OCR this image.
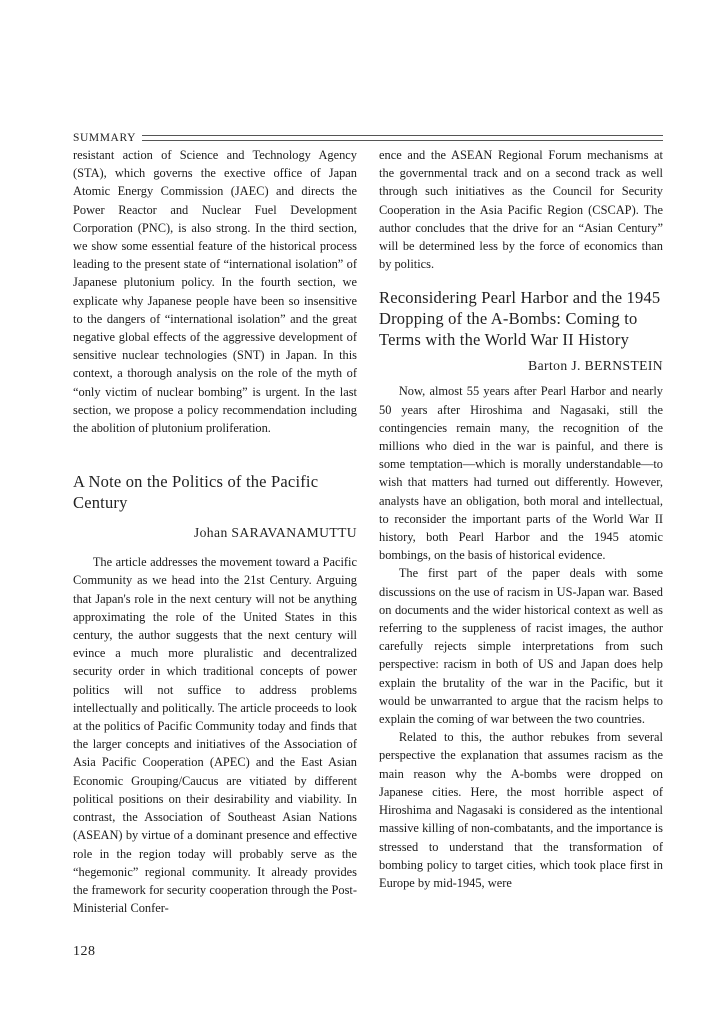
SUMMARY

resistant action of Science and Technology Agency (STA), which governs the exective office of Japan Atomic Energy Commission (JAEC) and directs the Power Reactor and Nuclear Fuel Development Corporation (PNC), is also strong. In the third section, we show some essential feature of the historical process leading to the present state of “international isolation” of Japanese plutonium policy. In the fourth section, we explicate why Japanese people have been so insensitive to the dangers of “international isolation” and the great negative global effects of the aggressive development of sensitive nuclear technologies (SNT) in Japan. In this context, a thorough analysis on the role of the myth of “only victim of nuclear bombing” is urgent. In the last section, we propose a policy recommendation including the abolition of plutonium proliferation.

A Note on the Politics of the Pacific Century
Johan SARAVANAMUTTU

The article addresses the movement toward a Pacific Community as we head into the 21st Century. Arguing that Japan's role in the next century will not be anything approximating the role of the United States in this century, the author suggests that the next century will evince a much more pluralistic and decentralized security order in which traditional concepts of power politics will not suffice to address problems intellectually and politically. The article proceeds to look at the politics of Pacific Community today and finds that the larger concepts and initiatives of the Association of Asia Pacific Cooperation (APEC) and the East Asian Economic Grouping/Caucus are vitiated by different political positions on their desirability and viability. In contrast, the Association of Southeast Asian Nations (ASEAN) by virtue of a dominant presence and effective role in the region today will probably serve as the “hegemonic” regional community. It already provides the framework for security cooperation through the Post-Ministerial Confer-

ence and the ASEAN Regional Forum mechanisms at the governmental track and on a second track as well through such initiatives as the Council for Security Cooperation in the Asia Pacific Region (CSCAP). The author concludes that the drive for an “Asian Century” will be determined less by the force of economics than by politics.

Reconsidering Pearl Harbor and the 1945 Dropping of the A-Bombs: Coming to Terms with the World War II History
Barton J. BERNSTEIN

Now, almost 55 years after Pearl Harbor and nearly 50 years after Hiroshima and Nagasaki, still the contingencies remain many, the recognition of the millions who died in the war is painful, and there is some temptation—which is morally understandable—to wish that matters had turned out differently. However, analysts have an obligation, both moral and intellectual, to reconsider the important parts of the World War II history, both Pearl Harbor and the 1945 atomic bombings, on the basis of historical evidence.

The first part of the paper deals with some discussions on the use of racism in US-Japan war. Based on documents and the wider historical context as well as referring to the suppleness of racist images, the author carefully rejects simple interpretations from such perspective: racism in both of US and Japan does help explain the brutality of the war in the Pacific, but it would be unwarranted to argue that the racism helps to explain the coming of war between the two countries.

Related to this, the author rebukes from several perspective the explanation that assumes racism as the main reason why the A-bombs were dropped on Japanese cities. Here, the most horrible aspect of Hiroshima and Nagasaki is considered as the intentional massive killing of non-combatants, and the importance is stressed to understand that the transformation of bombing policy to target cities, which took place first in Europe by mid-1945, were

128
